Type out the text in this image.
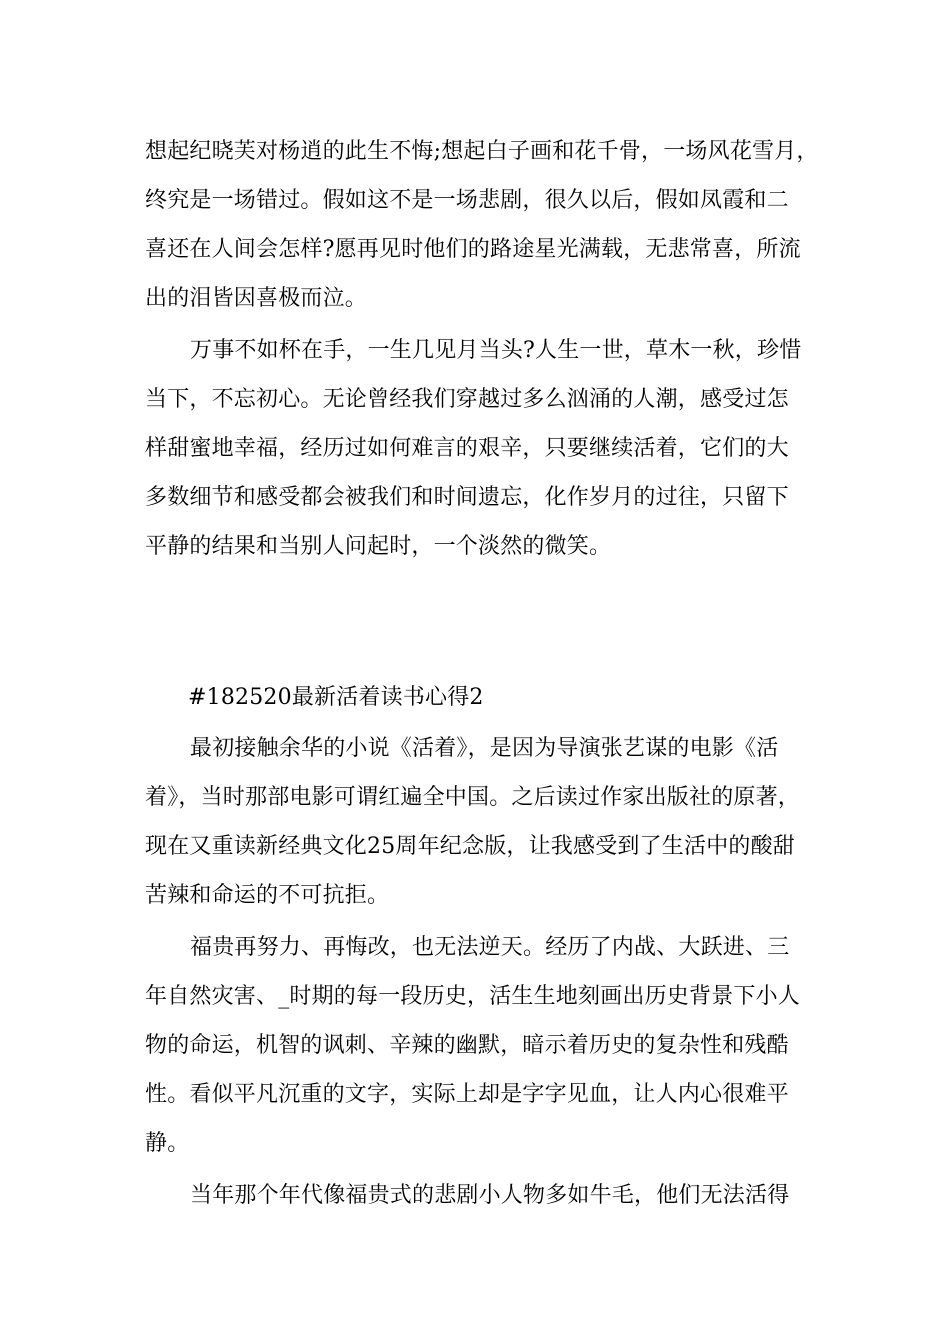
想起纪晓芙对杨逍的此生不悔;想起白子画和花千骨，一场风花雪月，
终究是一场错过。假如这不是一场悲剧，很久以后，假如凤霞和二
喜还在人间会怎样?愿再见时他们的路途星光满载，无悲常喜，所流
出的泪皆因喜极而泣。
万事不如杯在手，一生几见月当头?人生一世，草木一秋，珍惜
当下，不忘初心。无论曾经我们穿越过多么汹涌的人潮，感受过怎
样甜蜜地幸福，经历过如何难言的艰辛，只要继续活着，它们的大
多数细节和感受都会被我们和时间遗忘，化作岁月的过往，只留下
平静的结果和当别人问起时，一个淡然的微笑。
#182520最新活着读书心得2
最初接触余华的小说《活着》，是因为导演张艺谋的电影《活
着》，当时那部电影可谓红遍全中国。之后读过作家出版社的原著，
现在又重读新经典文化25周年纪念版，让我感受到了生活中的酸甜
苦辣和命运的不可抗拒。
福贵再努力、再悔改，也无法逆天。经历了内战、大跃进、三
年自然灾害、_时期的每一段历史，活生生地刻画出历史背景下小人
物的命运，机智的讽刺、辛辣的幽默，暗示着历史的复杂性和残酷
性。看似平凡沉重的文字，实际上却是字字见血，让人内心很难平
静。
当年那个年代像福贵式的悲剧小人物多如牛毛，他们无法活得
